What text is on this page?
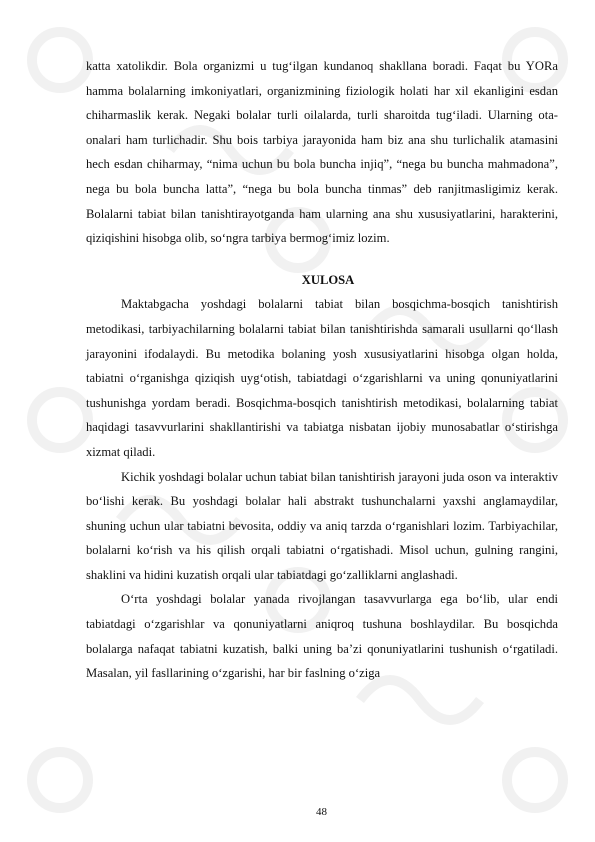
katta xatolikdir. Bola organizmi u tug‘ilgan kundanoq shakllana boradi. Faqat bu YORa hamma bolalarning imkoniyatlari, organizmining fiziologik holati har xil ekanligini esdan chiharmaslik kerak. Negaki bolalar turli oilalarda, turli sharoitda tug‘iladi. Ularning ota-onalari ham turlichadir. Shu bois tarbiya jarayonida ham biz ana shu turlichalik atamasini hech esdan chiharmay, “nima uchun bu bola buncha injiq”, “nega bu buncha mahmadona”, nega bu bola buncha latta”, “nega bu bola buncha tinmas” deb ranjitmasligimiz kerak. Bolalarni tabiat bilan tanishtirayotganda ham ularning ana shu xususiyatlarini, harakterini, qiziqishini hisobga olib, so‘ngra tarbiya bermog‘imiz lozim.

XULOSA

Maktabgacha yoshdagi bolalarni tabiat bilan bosqichma-bosqich tanishtirish metodikasi, tarbiyachilarning bolalarni tabiat bilan tanishtirishda samarali usullarni qo‘llash jarayonini ifodalaydi. Bu metodika bolaning yosh xususiyatlarini hisobga olgan holda, tabiatni o‘rganishga qiziqish uyg‘otish, tabiatdagi o‘zgarishlarni va uning qonuniyatlarini tushunishga yordam beradi. Bosqichma-bosqich tanishtirish metodikasi, bolalarning tabiat haqidagi tasavvurlarini shakllantirishi va tabiatga nisbatan ijobiy munosabatlar o‘stirishga xizmat qiladi.

Kichik yoshdagi bolalar uchun tabiat bilan tanishtirish jarayoni juda oson va interaktiv bo‘lishi kerak. Bu yoshdagi bolalar hali abstrakt tushunchalarni yaxshi anglamaydilar, shuning uchun ular tabiatni bevosita, oddiy va aniq tarzda o‘rganishlari lozim. Tarbiyachilar, bolalarni ko‘rish va his qilish orqali tabiatni o‘rgatishadi. Misol uchun, gulning rangini, shaklini va hidini kuzatish orqali ular tabiatdagi go‘zalliklarni anglashadi.

O‘rta yoshdagi bolalar yanada rivojlangan tasavvurlarga ega bo‘lib, ular endi tabiatdagi o‘zgarishlar va qonuniyatlarni aniqroq tushuna boshlaydilar. Bu bosqichda bolalarga nafaqat tabiatni kuzatish, balki uning ba’zi qonuniyatlarini tushunish o‘rgatiladi. Masalan, yil fasllarining o‘zgarishi, har bir faslning o‘ziga

48
